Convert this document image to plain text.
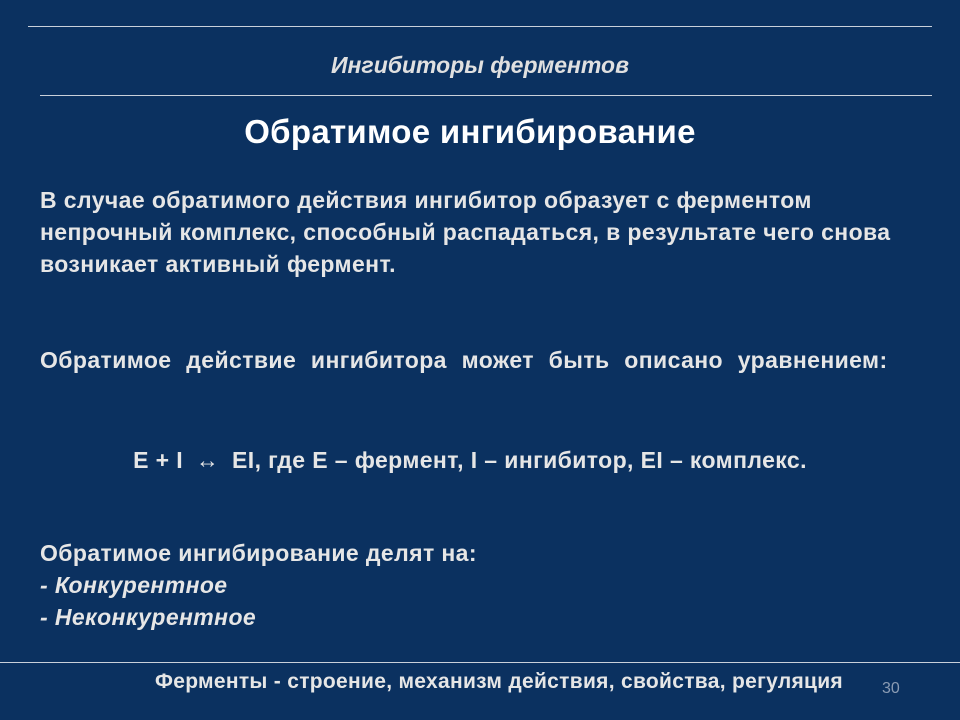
Ингибиторы ферментов
Обратимое ингибирование
В случае обратимого действия ингибитор образует с ферментом непрочный комплекс, способный распадаться, в результате чего снова возникает активный фермент.
Обратимое действие ингибитора может быть описано уравнением:
Е + I ↔ ЕI, где Е – фермент, I – ингибитор, ЕI – комплекс.
Обратимое ингибирование делят на:
- Конкурентное
- Неконкурентное
30
Ферменты - строение, механизм действия, свойства, регуляция
